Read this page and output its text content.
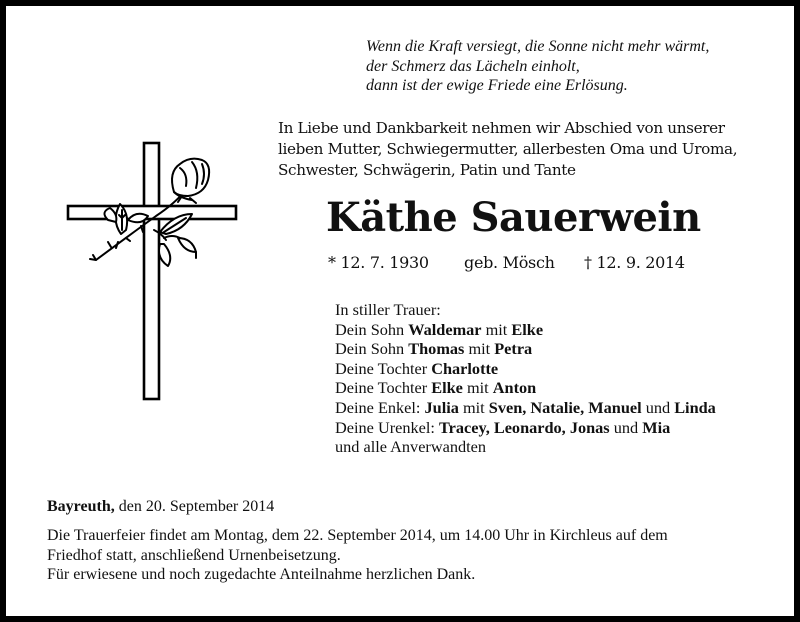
Wenn die Kraft versiegt, die Sonne nicht mehr wärmt,
der Schmerz das Lächeln einholt,
dann ist der ewige Friede eine Erlösung.
In Liebe und Dankbarkeit nehmen wir Abschied von unserer
lieben Mutter, Schwiegermutter, allerbesten Oma und Uroma,
Schwester, Schwägerin, Patin und Tante
Käthe Sauerwein
* 12. 7. 1930 geb. Mösch † 12. 9. 2014
In stiller Trauer:
Dein Sohn Waldemar mit Elke
Dein Sohn Thomas mit Petra
Deine Tochter Charlotte
Deine Tochter Elke mit Anton
Deine Enkel: Julia mit Sven, Natalie, Manuel und Linda
Deine Urenkel: Tracey, Leonardo, Jonas und Mia
und alle Anverwandten
Bayreuth, den 20. September 2014
Die Trauerfeier findet am Montag, dem 22. September 2014, um 14.00 Uhr in Kirchleus auf dem
Friedhof statt, anschließend Urnenbeisetzung.
Für erwiesene und noch zugedachte Anteilnahme herzlichen Dank.
